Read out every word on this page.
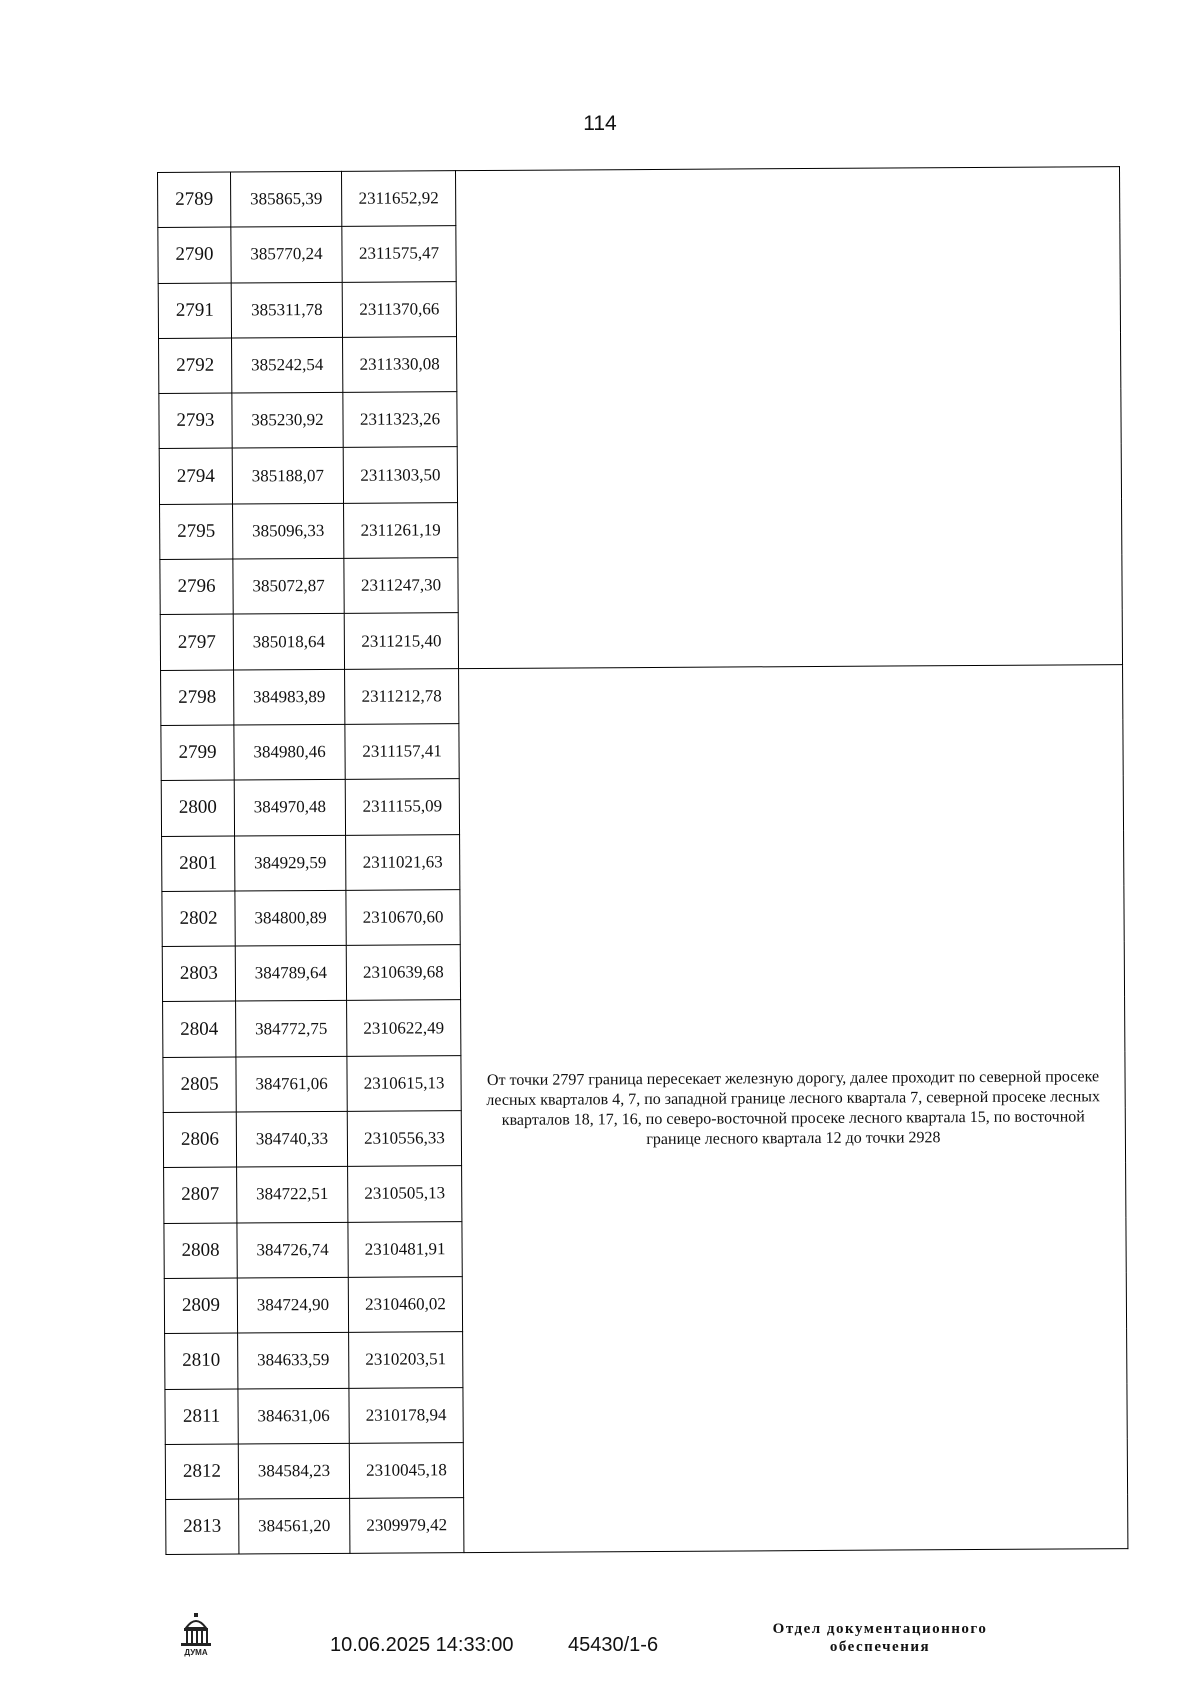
114
2789	385865,39	2311652,92	
2790	385770,24	2311575,47	
2791	385311,78	2311370,66	
2792	385242,54	2311330,08	
2793	385230,92	2311323,26	
2794	385188,07	2311303,50	
2795	385096,33	2311261,19	
2796	385072,87	2311247,30	
2797	385018,64	2311215,40	
2798	384983,89	2311212,78	От точки 2797 граница пересекает железную дорогу, далее проходит по северной просеке лесных кварталов 4, 7, по западной границе лесного квартала 7, северной просеке лесных кварталов 18, 17, 16, по северо-восточной просеке лесного квартала 15, по восточной границе лесного квартала 12 до точки 2928
2799	384980,46	2311157,41	
2800	384970,48	2311155,09	
2801	384929,59	2311021,63	
2802	384800,89	2310670,60	
2803	384789,64	2310639,68	
2804	384772,75	2310622,49	
2805	384761,06	2310615,13	
2806	384740,33	2310556,33	
2807	384722,51	2310505,13	
2808	384726,74	2310481,91	
2809	384724,90	2310460,02	
2810	384633,59	2310203,51	
2811	384631,06	2310178,94	
2812	384584,23	2310045,18	
2813	384561,20	2309979,42	
ДУМА	10.06.2025 14:33:00	45430/1-6
Отдел документационного
обеспечения
